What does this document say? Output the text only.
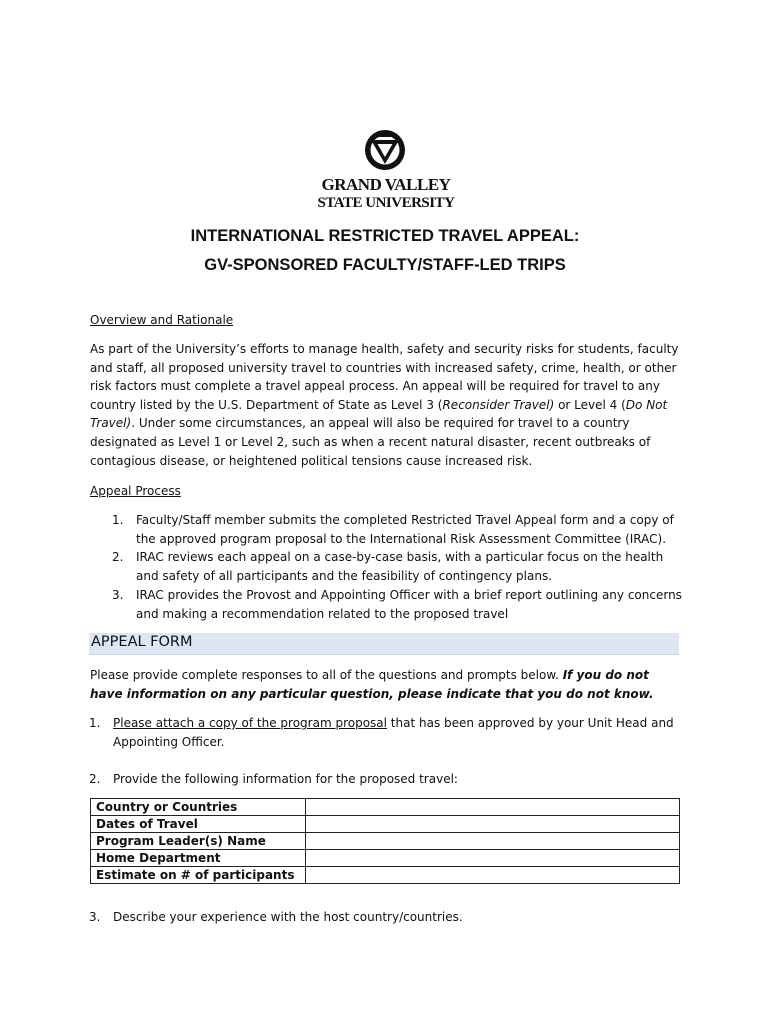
GRAND VALLEY
STATE UNIVERSITY
INTERNATIONAL RESTRICTED TRAVEL APPEAL:
GV-SPONSORED FACULTY/STAFF-LED TRIPS
Overview and Rationale
As part of the University’s efforts to manage health, safety and security risks for students, faculty and staff, all proposed university travel to countries with increased safety, crime, health, or other risk factors must complete a travel appeal process. An appeal will be required for travel to any country listed by the U.S. Department of State as Level 3 (Reconsider Travel) or Level 4 (Do Not Travel). Under some circumstances, an appeal will also be required for travel to a country designated as Level 1 or Level 2, such as when a recent natural disaster, recent outbreaks of contagious disease, or heightened political tensions cause increased risk.
Appeal Process
1. Faculty/Staff member submits the completed Restricted Travel Appeal form and a copy of the approved program proposal to the International Risk Assessment Committee (IRAC).
2. IRAC reviews each appeal on a case-by-case basis, with a particular focus on the health and safety of all participants and the feasibility of contingency plans.
3. IRAC provides the Provost and Appointing Officer with a brief report outlining any concerns and making a recommendation related to the proposed travel
APPEAL FORM
Please provide complete responses to all of the questions and prompts below. If you do not have information on any particular question, please indicate that you do not know.
1. Please attach a copy of the program proposal that has been approved by your Unit Head and Appointing Officer.
2. Provide the following information for the proposed travel:
Country or Countries	
Dates of Travel	
Program Leader(s) Name	
Home Department	
Estimate on # of participants	
3. Describe your experience with the host country/countries.
